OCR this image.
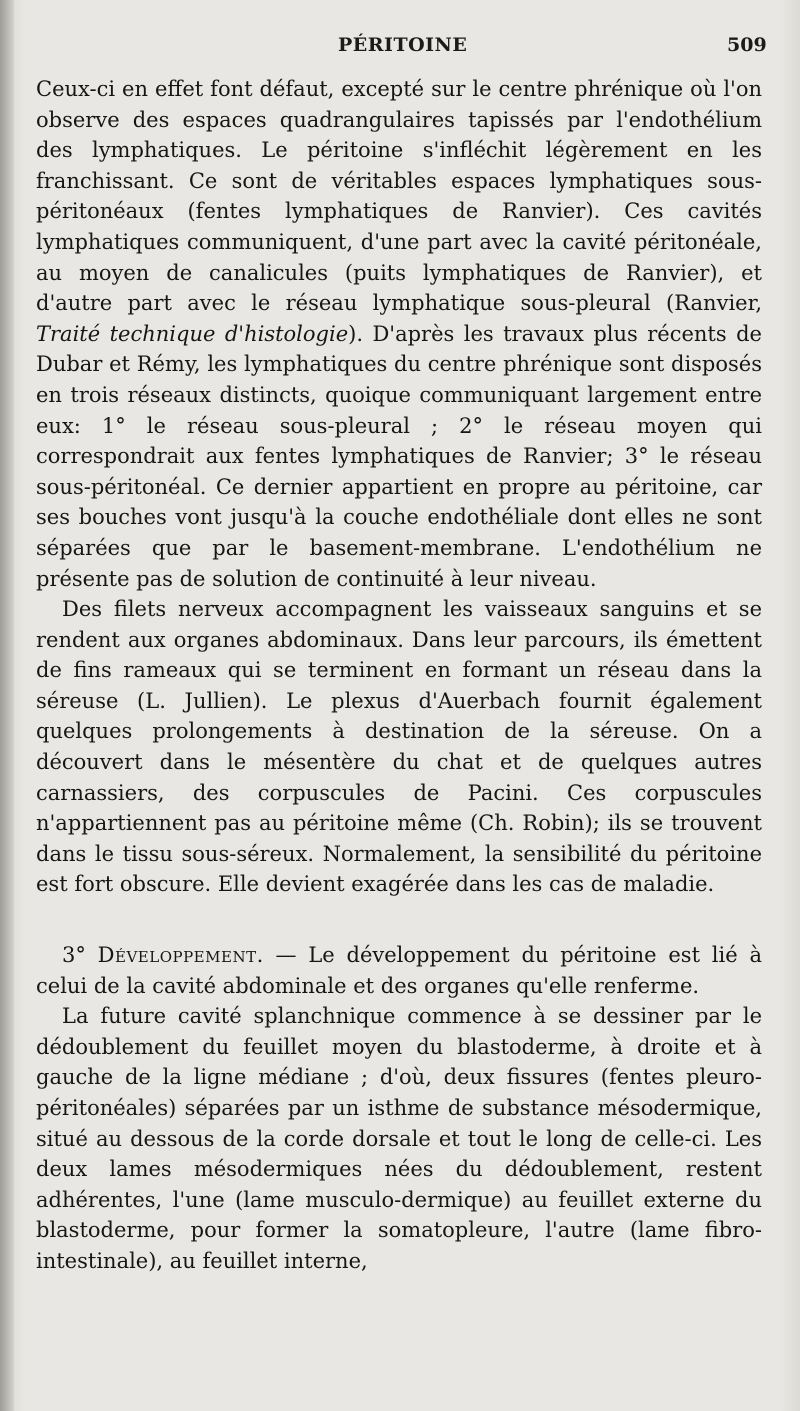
PÉRITOINE	509

Ceux-ci en effet font défaut, excepté sur le centre phrénique où l'on observe des espaces quadrangulaires tapissés par l'endothélium des lymphatiques. Le péritoine s'infléchit légèrement en les franchissant. Ce sont de véritables espaces lymphatiques sous-péritonéaux (fentes lymphatiques de Ranvier). Ces cavités lymphatiques communiquent, d'une part avec la cavité péritonéale, au moyen de canalicules (puits lymphatiques de Ranvier), et d'autre part avec le réseau lymphatique sous-pleural (Ranvier, Traité technique d'histologie). D'après les travaux plus récents de Dubar et Rémy, les lymphatiques du centre phrénique sont disposés en trois réseaux distincts, quoique communiquant largement entre eux: 1° le réseau sous-pleural ; 2° le réseau moyen qui correspondrait aux fentes lymphatiques de Ranvier; 3° le réseau sous-péritonéal. Ce dernier appartient en propre au péritoine, car ses bouches vont jusqu'à la couche endothéliale dont elles ne sont séparées que par le basement-membrane. L'endothélium ne présente pas de solution de continuité à leur niveau.

Des filets nerveux accompagnent les vaisseaux sanguins et se rendent aux organes abdominaux. Dans leur parcours, ils émettent de fins rameaux qui se terminent en formant un réseau dans la séreuse (L. Jullien). Le plexus d'Auerbach fournit également quelques prolongements à destination de la séreuse. On a découvert dans le mésentère du chat et de quelques autres carnassiers, des corpuscules de Pacini. Ces corpuscules n'appartiennent pas au péritoine même (Ch. Robin); ils se trouvent dans le tissu sous-séreux. Normalement, la sensibilité du péritoine est fort obscure. Elle devient exagérée dans les cas de maladie.

3° Développement. — Le développement du péritoine est lié à celui de la cavité abdominale et des organes qu'elle renferme.

La future cavité splanchnique commence à se dessiner par le dédoublement du feuillet moyen du blastoderme, à droite et à gauche de la ligne médiane ; d'où, deux fissures (fentes pleuro-péritonéales) séparées par un isthme de substance mésodermique, situé au dessous de la corde dorsale et tout le long de celle-ci. Les deux lames mésodermiques nées du dédoublement, restent adhérentes, l'une (lame musculo-dermique) au feuillet externe du blastoderme, pour former la somatopleure, l'autre (lame fibro-intestinale), au feuillet interne,
